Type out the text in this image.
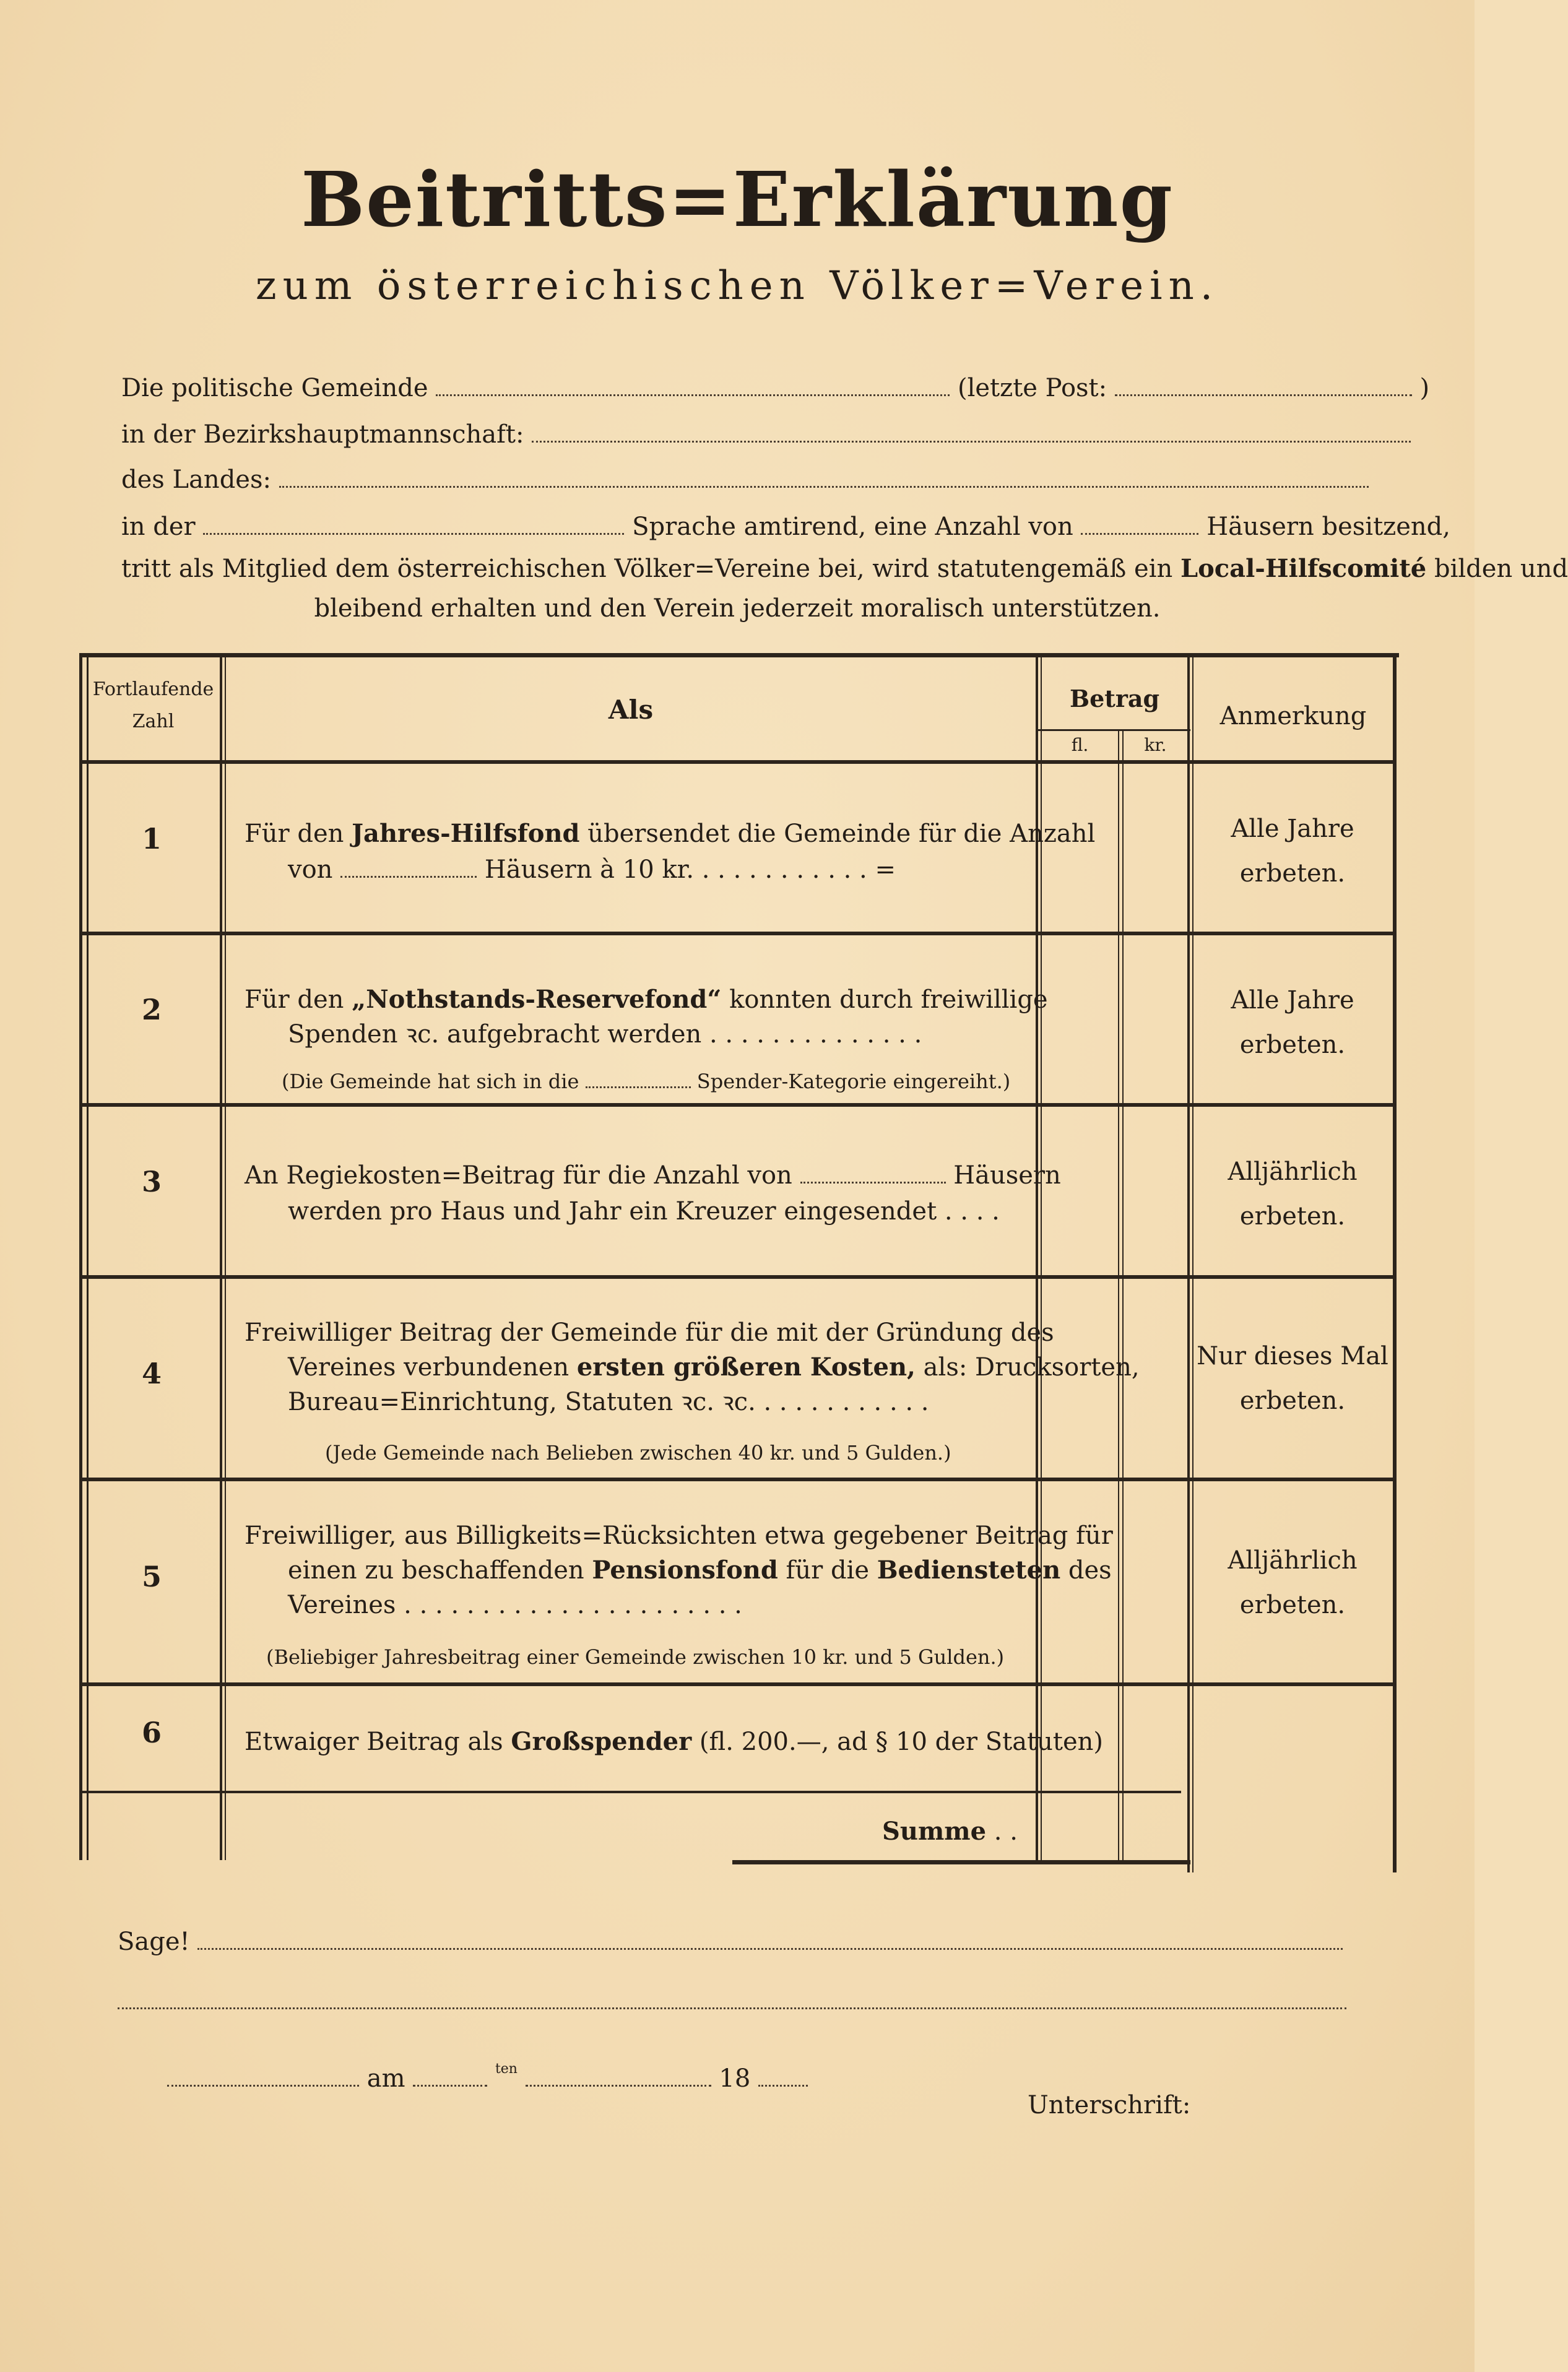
Beitritts=Erklärung
zum österreichischen Völker=Verein.
Die politische Gemeinde	(letzte Post:	)
in der Bezirkshauptmannschaft:
des Landes:
in der	Sprache amtirend, eine Anzahl von	Häusern besitzend,
tritt als Mitglied dem österreichischen Völker=Vereine bei, wird statutengemäß ein Local-Hilfscomité bilden und
bleibend erhalten und den Verein jederzeit moralisch unterstützen.
Fortlaufende
Zahl	Als	Betrag
fl.	kr.
Anmerkung
1	Für den Jahres-Hilfsfond übersendet die Gemeinde für die Anzahl
von	Häusern à 10 kr. . . . . . . . . . . . =
Alle Jahre
erbeten.
2	Für den „Nothstands-Reservefond“ konnten durch freiwillige
Spenden ꝛc. aufgebracht werden . . . . . . . . . . . . . .
(Die Gemeinde hat sich in die	Spender-Kategorie eingereiht.)
Alle Jahre
erbeten.
3	An Regiekosten=Beitrag für die Anzahl von	Häusern
werden pro Haus und Jahr ein Kreuzer eingesendet . . . .
Alljährlich
erbeten.
4
Freiwilliger Beitrag der Gemeinde für die mit der Gründung des
Vereines verbundenen ersten größeren Kosten, als: Drucksorten,
Bureau=Einrichtung, Statuten ꝛc. ꝛc. . . . . . . . . . . .
(Jede Gemeinde nach Belieben zwischen 40 kr. und 5 Gulden.)
Nur dieses Mal
erbeten.
5
Freiwilliger, aus Billigkeits=Rücksichten etwa gegebener Beitrag für
einen zu beschaffenden Pensionsfond für die Bediensteten des
Vereines . . . . . . . . . . . . . . . . . . . . . .
(Beliebiger Jahresbeitrag einer Gemeinde zwischen 10 kr. und 5 Gulden.)
Alljährlich
erbeten.
6	Etwaiger Beitrag als Großspender (fl. 200.—, ad § 10 der Statuten)
Summe . .
Sage!
am	$^{ten}$	18
Unterschrift:
